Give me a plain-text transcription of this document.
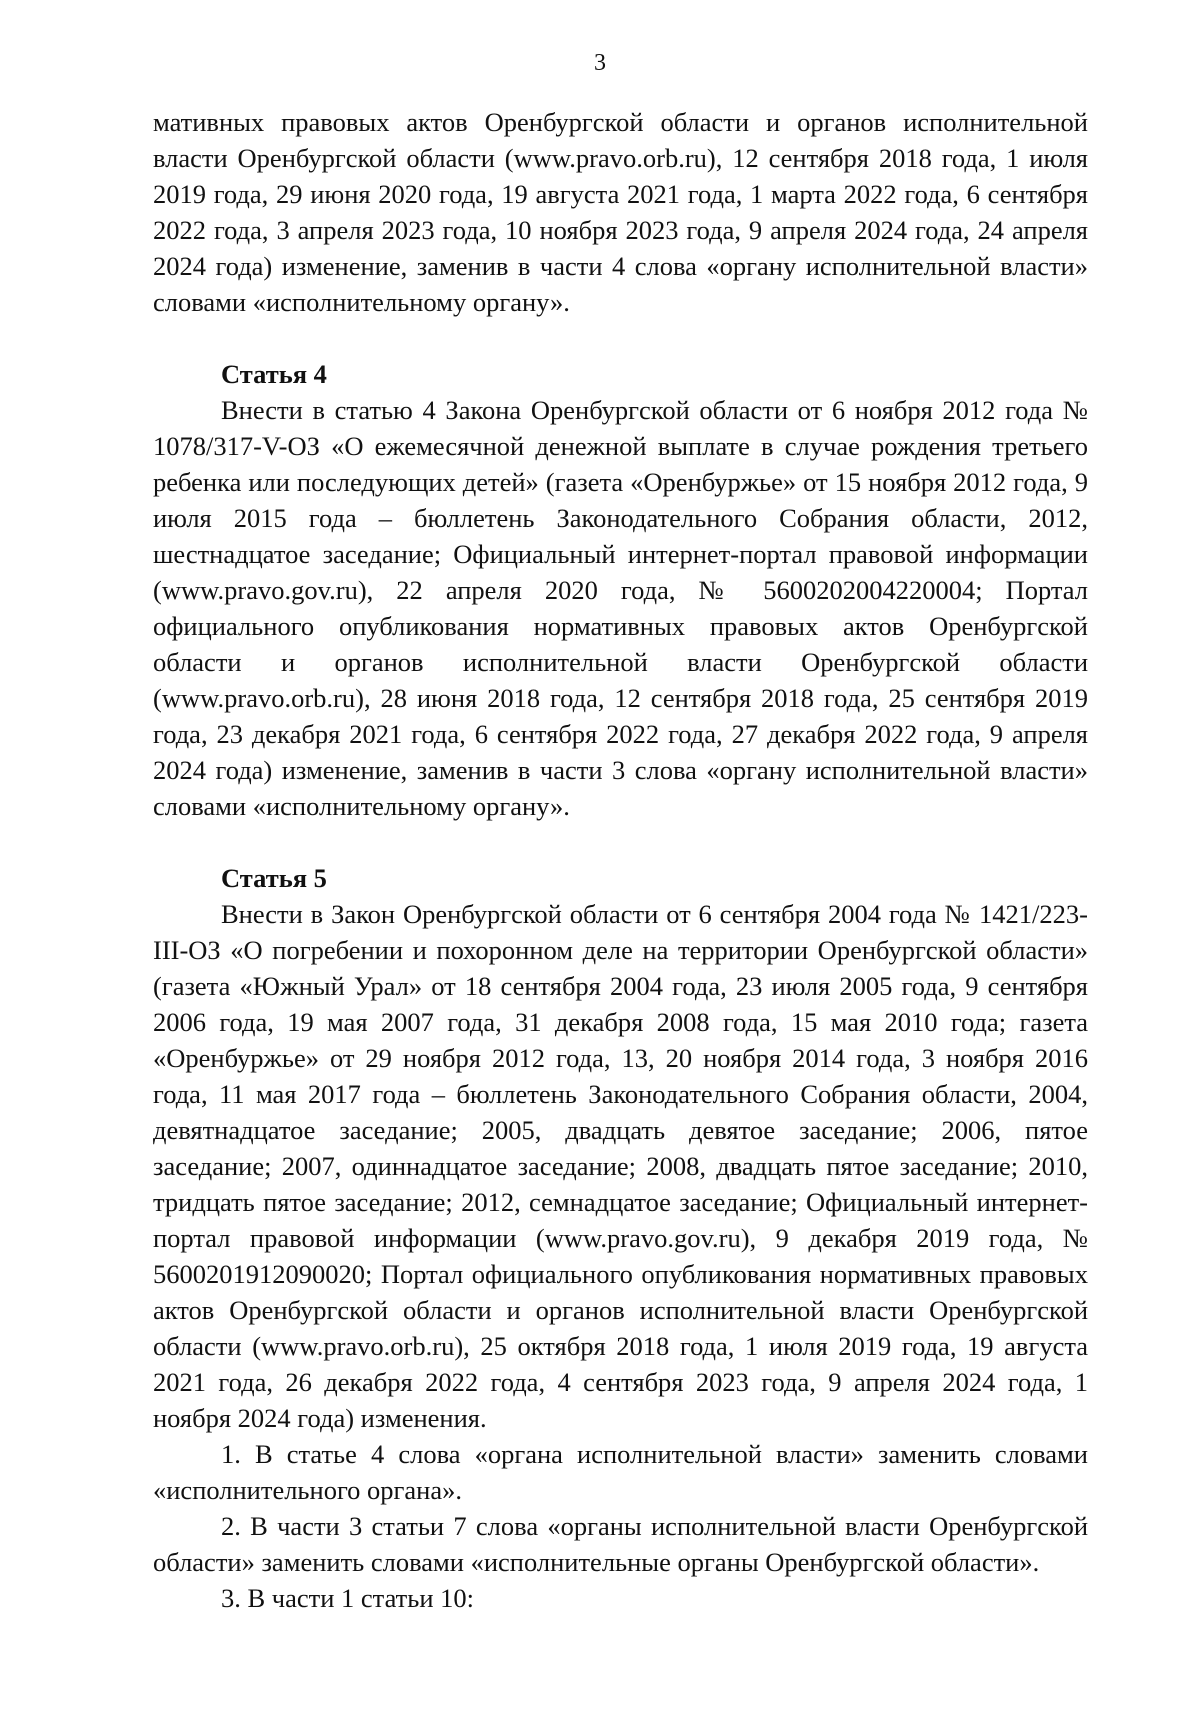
3

мативных правовых актов Оренбургской области и органов исполнительной власти Оренбургской области (www.pravo.orb.ru), 12 сентября 2018 года, 1 июля 2019 года, 29 июня 2020 года, 19 августа 2021 года, 1 марта 2022 года, 6 сентября 2022 года, 3 апреля 2023 года, 10 ноября 2023 года, 9 апреля 2024 года, 24 апреля 2024 года) изменение, заменив в части 4 слова «органу исполнительной власти» словами «исполнительному органу».

Статья 4

Внести в статью 4 Закона Оренбургской области от 6 ноября 2012 года № 1078/317-V-ОЗ «О ежемесячной денежной выплате в случае рождения третьего ребенка или последующих детей» (газета «Оренбуржье» от 15 ноября 2012 года, 9 июля 2015 года – бюллетень Законодательного Собрания области, 2012, шестнадцатое заседание; Официальный интернет-портал правовой информации (www.pravo.gov.ru), 22 апреля 2020 года, № 5600202004220004; Портал официального опубликования нормативных правовых актов Оренбургской области и органов исполнительной власти Оренбургской области (www.pravo.orb.ru), 28 июня 2018 года, 12 сентября 2018 года, 25 сентября 2019 года, 23 декабря 2021 года, 6 сентября 2022 года, 27 декабря 2022 года, 9 апреля 2024 года) изменение, заменив в части 3 слова «органу исполнительной власти» словами «исполнительному органу».

Статья 5

Внести в Закон Оренбургской области от 6 сентября 2004 года № 1421/223-III-ОЗ «О погребении и похоронном деле на территории Оренбургской области» (газета «Южный Урал» от 18 сентября 2004 года, 23 июля 2005 года, 9 сентября 2006 года, 19 мая 2007 года, 31 декабря 2008 года, 15 мая 2010 года; газета «Оренбуржье» от 29 ноября 2012 года, 13, 20 ноября 2014 года, 3 ноября 2016 года, 11 мая 2017 года – бюллетень Законодательного Собрания области, 2004, девятнадцатое заседание; 2005, двадцать девятое заседание; 2006, пятое заседание; 2007, одиннадцатое заседание; 2008, двадцать пятое заседание; 2010, тридцать пятое заседание; 2012, семнадцатое заседание; Официальный интернет-портал правовой информации (www.pravo.gov.ru), 9 декабря 2019 года, № 5600201912090020; Портал официального опубликования нормативных правовых актов Оренбургской области и органов исполнительной власти Оренбургской области (www.pravo.orb.ru), 25 октября 2018 года, 1 июля 2019 года, 19 августа 2021 года, 26 декабря 2022 года, 4 сентября 2023 года, 9 апреля 2024 года, 1 ноября 2024 года) изменения.

1. В статье 4 слова «органа исполнительной власти» заменить словами «исполнительного органа».

2. В части 3 статьи 7 слова «органы исполнительной власти Оренбургской области» заменить словами «исполнительные органы Оренбургской области».

3. В части 1 статьи 10:
